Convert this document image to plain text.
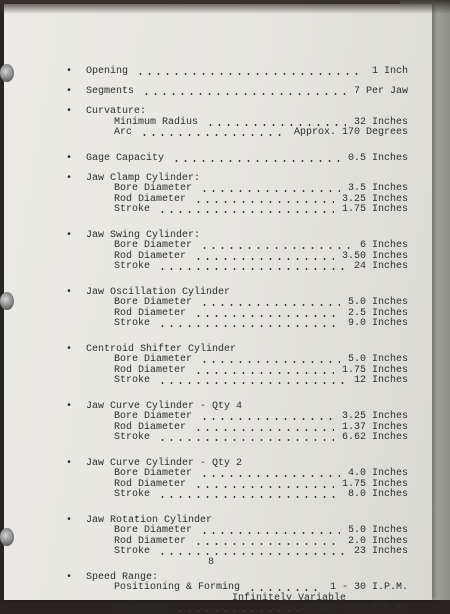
• Opening	1 Inch
• Segments	7 Per Jaw
• Curvature:
Minimum Radius	32 Inches
Arc	Approx. 170 Degrees
• Gage Capacity	0.5 Inches
• Jaw Clamp Cylinder:
Bore Diameter	3.5 Inches
Rod Diameter	3.25 Inches
Stroke	1.75 Inches
• Jaw Swing Cylinder:
Bore Diameter	6 Inches
Rod Diameter	3.50 Inches
Stroke	24 Inches
• Jaw Oscillation Cylinder
Bore Diameter	5.0 Inches
Rod Diameter	2.5 Inches
Stroke	9.0 Inches
• Centroid Shifter Cylinder
Bore Diameter	5.0 Inches
Rod Diameter	1.75 Inches
Stroke	12 Inches
• Jaw Curve Cylinder - Qty 4
Bore Diameter	3.25 Inches
Rod Diameter	1.37 Inches
Stroke	6.62 Inches
• Jaw Curve Cylinder - Qty 2
Bore Diameter	4.0 Inches
Rod Diameter	1.75 Inches
Stroke	8.0 Inches
• Jaw Rotation Cylinder
Bore Diameter	5.0 Inches
Rod Diameter	2.0 Inches
Stroke	23 Inches
• Speed Range:
Positioning & Forming	1 - 30 I.P.M.
Infinitely Variable
Slow Mode	0.10 - 4.0 I.P.M.
8
